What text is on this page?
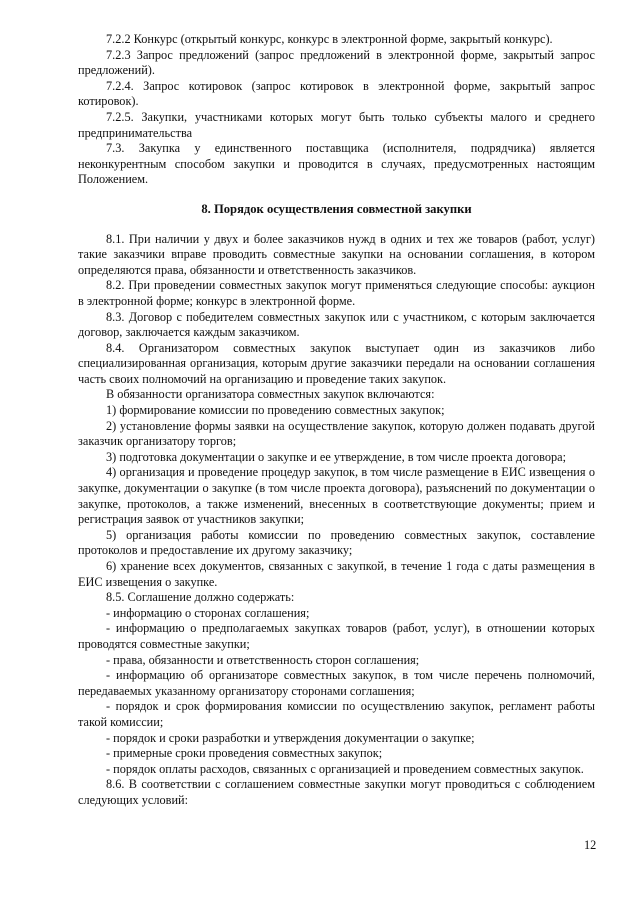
7.2.2 Конкурс (открытый конкурс, конкурс в электронной форме, закрытый конкурс).

7.2.3 Запрос предложений (запрос предложений в электронной форме, закрытый запрос предложений).

7.2.4. Запрос котировок (запрос котировок в электронной форме, закрытый запрос котировок).

7.2.5. Закупки, участниками которых могут быть только субъекты малого и среднего предпринимательства

7.3. Закупка у единственного поставщика (исполнителя, подрядчика) является неконкурентным способом закупки и проводится в случаях, предусмотренных настоящим Положением.

8. Порядок осуществления совместной закупки

8.1. При наличии у двух и более заказчиков нужд в одних и тех же товаров (работ, услуг) такие заказчики вправе проводить совместные закупки на основании соглашения, в котором определяются права, обязанности и ответственность заказчиков.

8.2. При проведении совместных закупок могут применяться следующие способы: аукцион в электронной форме; конкурс в электронной форме.

8.3. Договор с победителем совместных закупок или с участником, с которым заключается договор, заключается каждым заказчиком.

8.4. Организатором совместных закупок выступает один из заказчиков либо специализированная организация, которым другие заказчики передали на основании соглашения часть своих полномочий на организацию и проведение таких закупок.

В обязанности организатора совместных закупок включаются:

1) формирование комиссии по проведению совместных закупок;

2) установление формы заявки на осуществление закупок, которую должен подавать другой заказчик организатору торгов;

3) подготовка документации о закупке и ее утверждение, в том числе проекта договора;

4) организация и проведение процедур закупок, в том числе размещение в ЕИС извещения о закупке, документации о закупке (в том числе проекта договора), разъяснений по документации о закупке, протоколов, а также изменений, внесенных в соответствующие документы; прием и регистрация заявок от участников закупки;

5) организация работы комиссии по проведению совместных закупок, составление протоколов и предоставление их другому заказчику;

6) хранение всех документов, связанных с закупкой, в течение 1 года с даты размещения в ЕИС извещения о закупке.

8.5. Соглашение должно содержать:

- информацию о сторонах соглашения;

- информацию о предполагаемых закупках товаров (работ, услуг), в отношении которых проводятся совместные закупки;

- права, обязанности и ответственность сторон соглашения;

- информацию об организаторе совместных закупок, в том числе перечень полномочий, передаваемых указанному организатору сторонами соглашения;

- порядок и срок формирования комиссии по осуществлению закупок, регламент работы такой комиссии;

- порядок и сроки разработки и утверждения документации о закупке;

- примерные сроки проведения совместных закупок;

- порядок оплаты расходов, связанных с организацией и проведением совместных закупок.

8.6. В соответствии с соглашением совместные закупки могут проводиться с соблюдением следующих условий:

12
